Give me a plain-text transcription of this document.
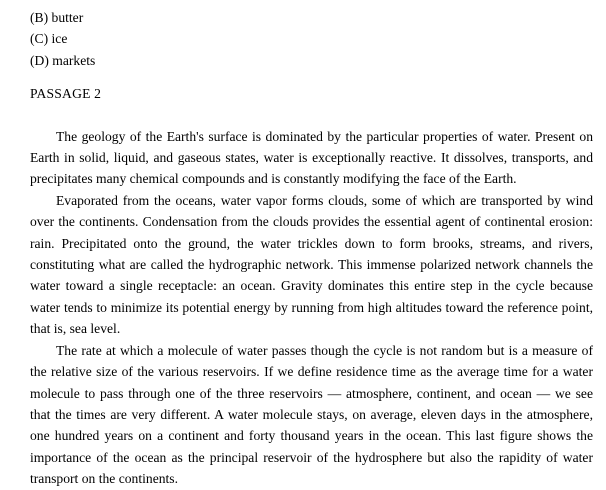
(B) butter
(C) ice
(D) markets
PASSAGE 2

The geology of the Earth's surface is dominated by the particular properties of water. Present on Earth in solid, liquid, and gaseous states, water is exceptionally reactive. It dissolves, transports, and precipitates many chemical compounds and is constantly modifying the face of the Earth.

Evaporated from the oceans, water vapor forms clouds, some of which are transported by wind over the continents. Condensation from the clouds provides the essential agent of continental erosion: rain. Precipitated onto the ground, the water trickles down to form brooks, streams, and rivers, constituting what are called the hydrographic network. This immense polarized network channels the water toward a single receptacle: an ocean. Gravity dominates this entire step in the cycle because water tends to minimize its potential energy by running from high altitudes toward the reference point, that is, sea level.

The rate at which a molecule of water passes though the cycle is not random but is a measure of the relative size of the various reservoirs. If we define residence time as the average time for a water molecule to pass through one of the three reservoirs — atmosphere, continent, and ocean — we see that the times are very different. A water molecule stays, on average, eleven days in the atmosphere, one hundred years on a continent and forty thousand years in the ocean. This last figure shows the importance of the ocean as the principal reservoir of the hydrosphere but also the rapidity of water transport on the continents.
